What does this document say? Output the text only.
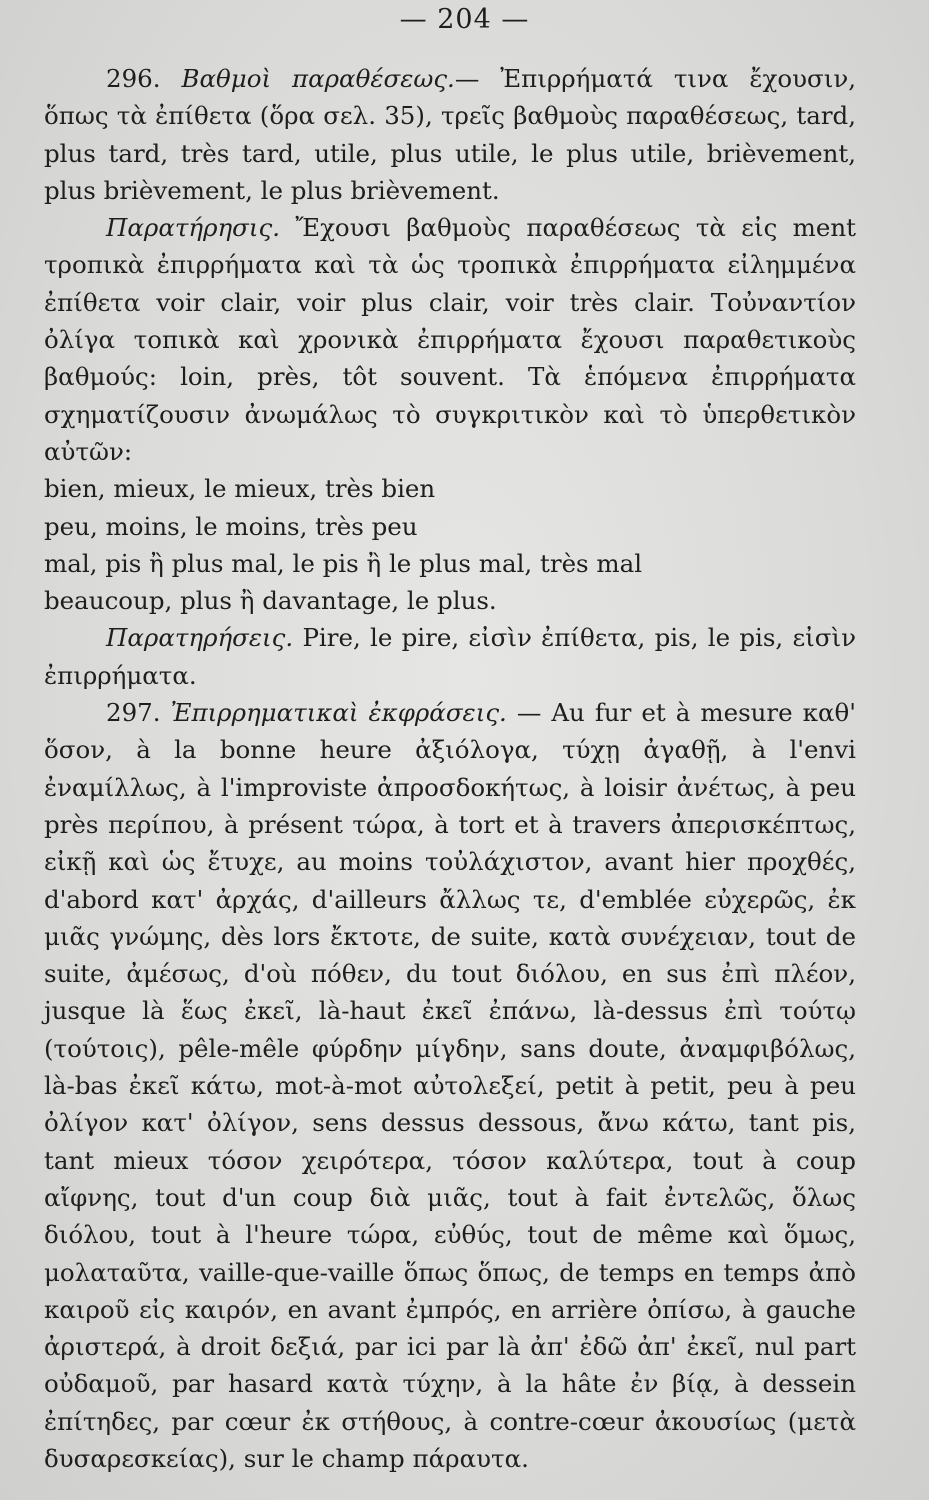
— 204 —

296. Βαθμοὶ παραθέσεως.— Ἐπιρρήματά τινα ἔχουσιν, ὅπως τὰ ἐπίθετα (ὅρα σελ. 35), τρεῖς βαθμοὺς παραθέσεως, tard, plus tard, très tard, utile, plus utile, le plus utile, brièvement, plus brièvement, le plus brièvement.

Παρατήρησις. Ἔχουσι βαθμοὺς παραθέσεως τὰ εἰς ment τροπικὰ ἐπιρρήματα καὶ τὰ ὡς τροπικὰ ἐπιρρήματα εἰλημμένα ἐπίθετα voir clair, voir plus clair, voir très clair. Τοὐναντίον ὀλίγα τοπικὰ καὶ χρονικὰ ἐπιρρήματα ἔχουσι παραθετικοὺς βαθμούς: loin, près, tôt souvent. Τὰ ἑπόμενα ἐπιρρήματα σχηματίζουσιν ἀνωμάλως τὸ συγκριτικὸν καὶ τὸ ὑπερθετικὸν αὐτῶν:

bien, mieux, le mieux, très bien
peu, moins, le moins, très peu
mal, pis ἢ plus mal, le pis ἢ le plus mal, très mal
beaucoup, plus ἢ davantage, le plus.

Παρατηρήσεις. Pire, le pire, εἰσὶν ἐπίθετα, pis, le pis, εἰσὶν ἐπιρρήματα.

297. Ἐπιρρηματικαὶ ἐκφράσεις. — Au fur et à mesure καθ' ὅσον, à la bonne heure ἀξιόλογα, τύχῃ ἀγαθῇ, à l'envi ἐναμίλλως, à l'improviste ἀπροσδοκήτως, à loisir ἀνέτως, à peu près περίπου, à présent τώρα, à tort et à travers ἀπερισκέπτως, εἰκῇ καὶ ὡς ἔτυχε, au moins τοὐλάχιστον, avant hier προχθές, d'abord κατ' ἀρχάς, d'ailleurs ἄλλως τε, d'emblée εὐχερῶς, ἐκ μιᾶς γνώμης, dès lors ἔκτοτε, de suite, κατὰ συνέχειαν, tout de suite, ἀμέσως, d'où πόθεν, du tout διόλου, en sus ἐπὶ πλέον, jusque là ἕως ἐκεῖ, là-haut ἐκεῖ ἐπάνω, là-dessus ἐπὶ τούτῳ (τούτοις), pêle-mêle φύρδην μίγδην, sans doute, ἀναμφιβόλως, là-bas ἐκεῖ κάτω, mot-à-mot αὐτολεξεί, petit à petit, peu à peu ὀλίγον κατ' ὀλίγον, sens dessus dessous, ἄνω κάτω, tant pis, tant mieux τόσον χειρότερα, τόσον καλύτερα, tout à coup αἴφνης, tout d'un coup διὰ μιᾶς, tout à fait ἐντελῶς, ὅλως διόλου, tout à l'heure τώρα, εὐθύς, tout de même καὶ ὅμως, μολαταῦτα, vaille-que-vaille ὅπως ὅπως, de temps en temps ἀπὸ καιροῦ εἰς καιρόν, en avant ἐμπρός, en arrière ὀπίσω, à gauche ἀριστερά, à droit δεξιά, par ici par là ἀπ' ἐδῶ ἀπ' ἐκεῖ, nul part οὐδαμοῦ, par hasard κατὰ τύχην, à la hâte ἐν βίᾳ, à dessein ἐπίτηδες, par cœur ἐκ στήθους, à contre-cœur ἀκουσίως (μετὰ δυσαρεσκείας), sur le champ πάραυτα.
